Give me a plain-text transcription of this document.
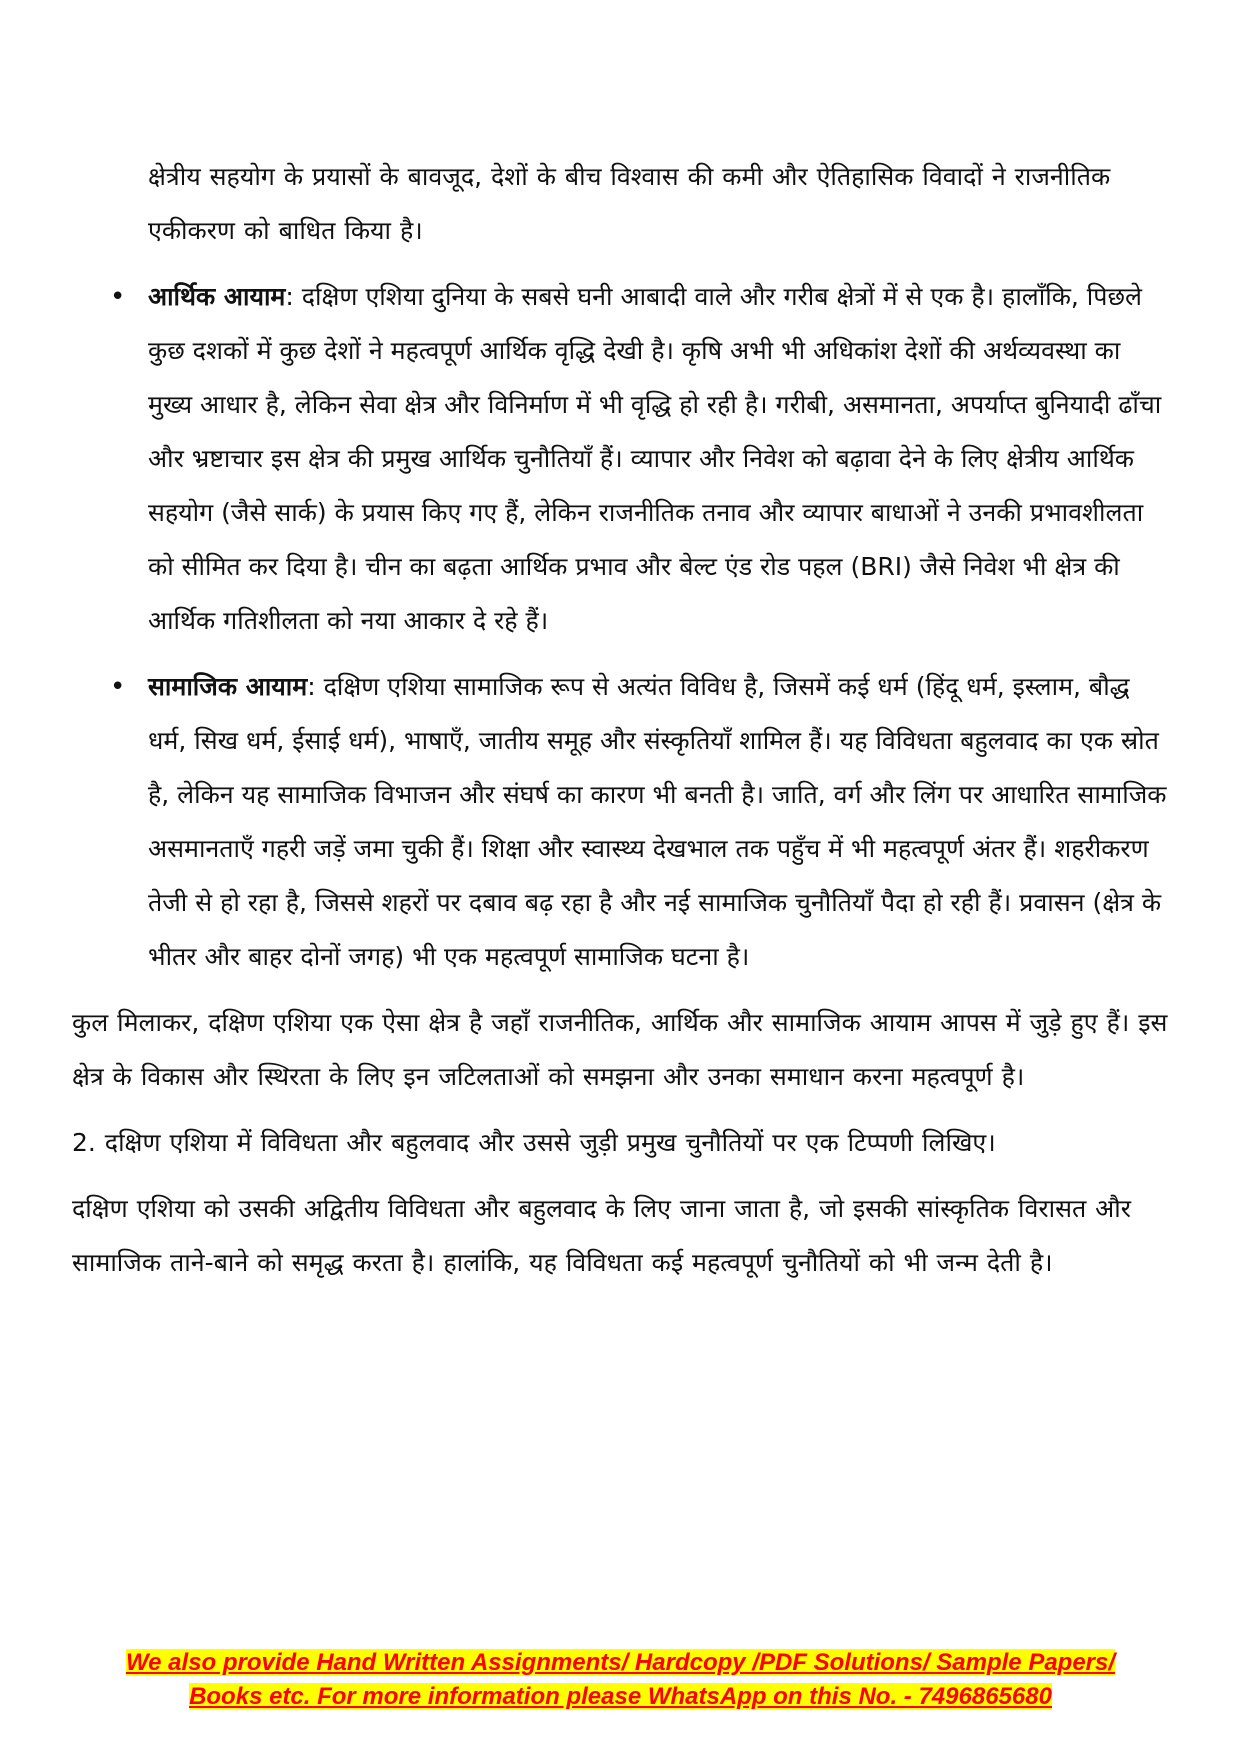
क्षेत्रीय सहयोग के प्रयासों के बावजूद, देशों के बीच विश्वास की कमी और ऐतिहासिक विवादों ने राजनीतिक एकीकरण को बाधित किया है।

• आर्थिक आयाम: दक्षिण एशिया दुनिया के सबसे घनी आबादी वाले और गरीब क्षेत्रों में से एक है। हालाँकि, पिछले कुछ दशकों में कुछ देशों ने महत्वपूर्ण आर्थिक वृद्धि देखी है। कृषि अभी भी अधिकांश देशों की अर्थव्यवस्था का मुख्य आधार है, लेकिन सेवा क्षेत्र और विनिर्माण में भी वृद्धि हो रही है। गरीबी, असमानता, अपर्याप्त बुनियादी ढाँचा और भ्रष्टाचार इस क्षेत्र की प्रमुख आर्थिक चुनौतियाँ हैं। व्यापार और निवेश को बढ़ावा देने के लिए क्षेत्रीय आर्थिक सहयोग (जैसे सार्क) के प्रयास किए गए हैं, लेकिन राजनीतिक तनाव और व्यापार बाधाओं ने उनकी प्रभावशीलता को सीमित कर दिया है। चीन का बढ़ता आर्थिक प्रभाव और बेल्ट एंड रोड पहल (BRI) जैसे निवेश भी क्षेत्र की आर्थिक गतिशीलता को नया आकार दे रहे हैं।
• सामाजिक आयाम: दक्षिण एशिया सामाजिक रूप से अत्यंत विविध है, जिसमें कई धर्म (हिंदू धर्म, इस्लाम, बौद्ध धर्म, सिख धर्म, ईसाई धर्म), भाषाएँ, जातीय समूह और संस्कृतियाँ शामिल हैं। यह विविधता बहुलवाद का एक स्रोत है, लेकिन यह सामाजिक विभाजन और संघर्ष का कारण भी बनती है। जाति, वर्ग और लिंग पर आधारित सामाजिक असमानताएँ गहरी जड़ें जमा चुकी हैं। शिक्षा और स्वास्थ्य देखभाल तक पहुँच में भी महत्वपूर्ण अंतर हैं। शहरीकरण तेजी से हो रहा है, जिससे शहरों पर दबाव बढ़ रहा है और नई सामाजिक चुनौतियाँ पैदा हो रही हैं। प्रवासन (क्षेत्र के भीतर और बाहर दोनों जगह) भी एक महत्वपूर्ण सामाजिक घटना है।

कुल मिलाकर, दक्षिण एशिया एक ऐसा क्षेत्र है जहाँ राजनीतिक, आर्थिक और सामाजिक आयाम आपस में जुड़े हुए हैं। इस क्षेत्र के विकास और स्थिरता के लिए इन जटिलताओं को समझना और उनका समाधान करना महत्वपूर्ण है।

2. दक्षिण एशिया में विविधता और बहुलवाद और उससे जुड़ी प्रमुख चुनौतियों पर एक टिप्पणी लिखिए।

दक्षिण एशिया को उसकी अद्वितीय विविधता और बहुलवाद के लिए जाना जाता है, जो इसकी सांस्कृतिक विरासत और सामाजिक ताने-बाने को समृद्ध करता है। हालांकि, यह विविधता कई महत्वपूर्ण चुनौतियों को भी जन्म देती है।

We also provide Hand Written Assignments/ Hardcopy /PDF Solutions/ Sample Papers/
Books etc. For more information please WhatsApp on this No. - 7496865680
